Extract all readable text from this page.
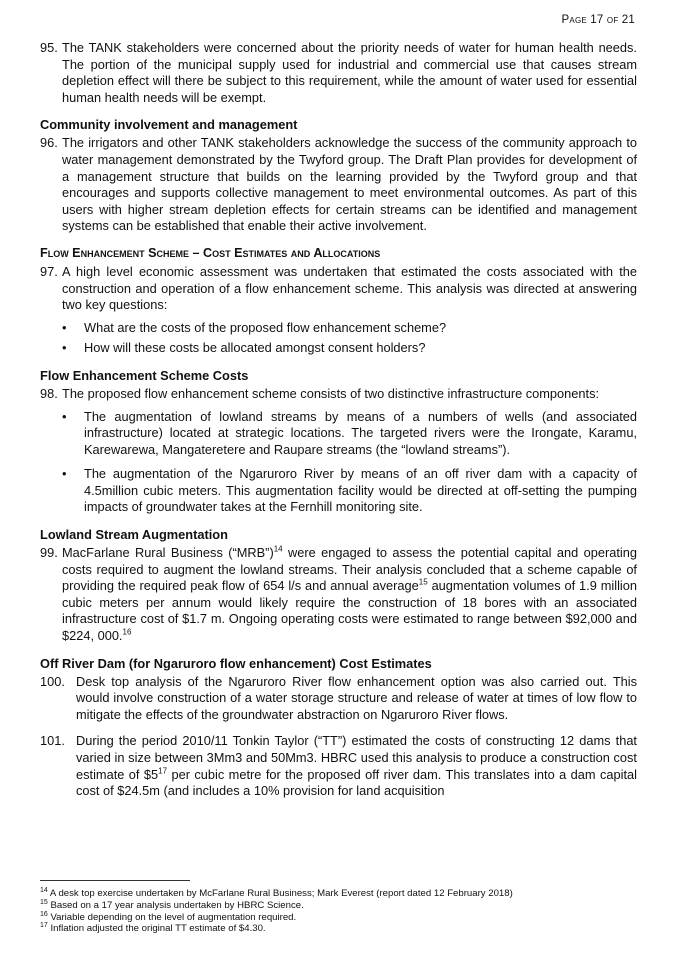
Page 17 of 21
95. The TANK stakeholders were concerned about the priority needs of water for human health needs. The portion of the municipal supply used for industrial and commercial use that causes stream depletion effect will there be subject to this requirement, while the amount of water used for essential human health needs will be exempt.
Community involvement and management
96. The irrigators and other TANK stakeholders acknowledge the success of the community approach to water management demonstrated by the Twyford group. The Draft Plan provides for development of a management structure that builds on the learning provided by the Twyford group and that encourages and supports collective management to meet environmental outcomes. As part of this users with higher stream depletion effects for certain streams can be identified and management systems can be established that enable their active involvement.
Flow Enhancement Scheme – Cost Estimates and Allocations
97. A high level economic assessment was undertaken that estimated the costs associated with the construction and operation of a flow enhancement scheme. This analysis was directed at answering two key questions:
• What are the costs of the proposed flow enhancement scheme?
• How will these costs be allocated amongst consent holders?
Flow Enhancement Scheme Costs
98. The proposed flow enhancement scheme consists of two distinctive infrastructure components:
• The augmentation of lowland streams by means of a numbers of wells (and associated infrastructure) located at strategic locations. The targeted rivers were the Irongate, Karamu, Karewarewa, Mangateretere and Raupare streams (the “lowland streams”).
• The augmentation of the Ngaruroro River by means of an off river dam with a capacity of 4.5million cubic meters. This augmentation facility would be directed at off-setting the pumping impacts of groundwater takes at the Fernhill monitoring site.
Lowland Stream Augmentation
99. MacFarlane Rural Business (“MRB”)$^{14}$ were engaged to assess the potential capital and operating costs required to augment the lowland streams. Their analysis concluded that a scheme capable of providing the required peak flow of 654 l/s and annual average$^{15}$ augmentation volumes of 1.9 million cubic meters per annum would likely require the construction of 18 bores with an associated infrastructure cost of $1.7 m. Ongoing operating costs were estimated to range between $92,000 and $224, 000.16
Off River Dam (for Ngaruroro flow enhancement) Cost Estimates
100. Desk top analysis of the Ngaruroro River flow enhancement option was also carried out. This would involve construction of a water storage structure and release of water at times of low flow to mitigate the effects of the groundwater abstraction on Ngaruroro River flows.
101. During the period 2010/11 Tonkin Taylor (“TT”) estimated the costs of constructing 12 dams that varied in size between 3Mm3 and 50Mm3. HBRC used this analysis to produce a construction cost estimate of $\$5^{17}$ per cubic metre for the proposed off river dam. This translates into a dam capital cost of $24.5m (and includes a 10% provision for land acquisition
$^{14}$ A desk top exercise undertaken by McFarlane Rural Business; Mark Everest (report dated 12 February 2018)
$^{15}$ Based on a 17 year analysis undertaken by HBRC Science.
$^{16}$ Variable depending on the level of augmentation required.
$^{17}$ Inflation adjusted the original TT estimate of $4.30.
